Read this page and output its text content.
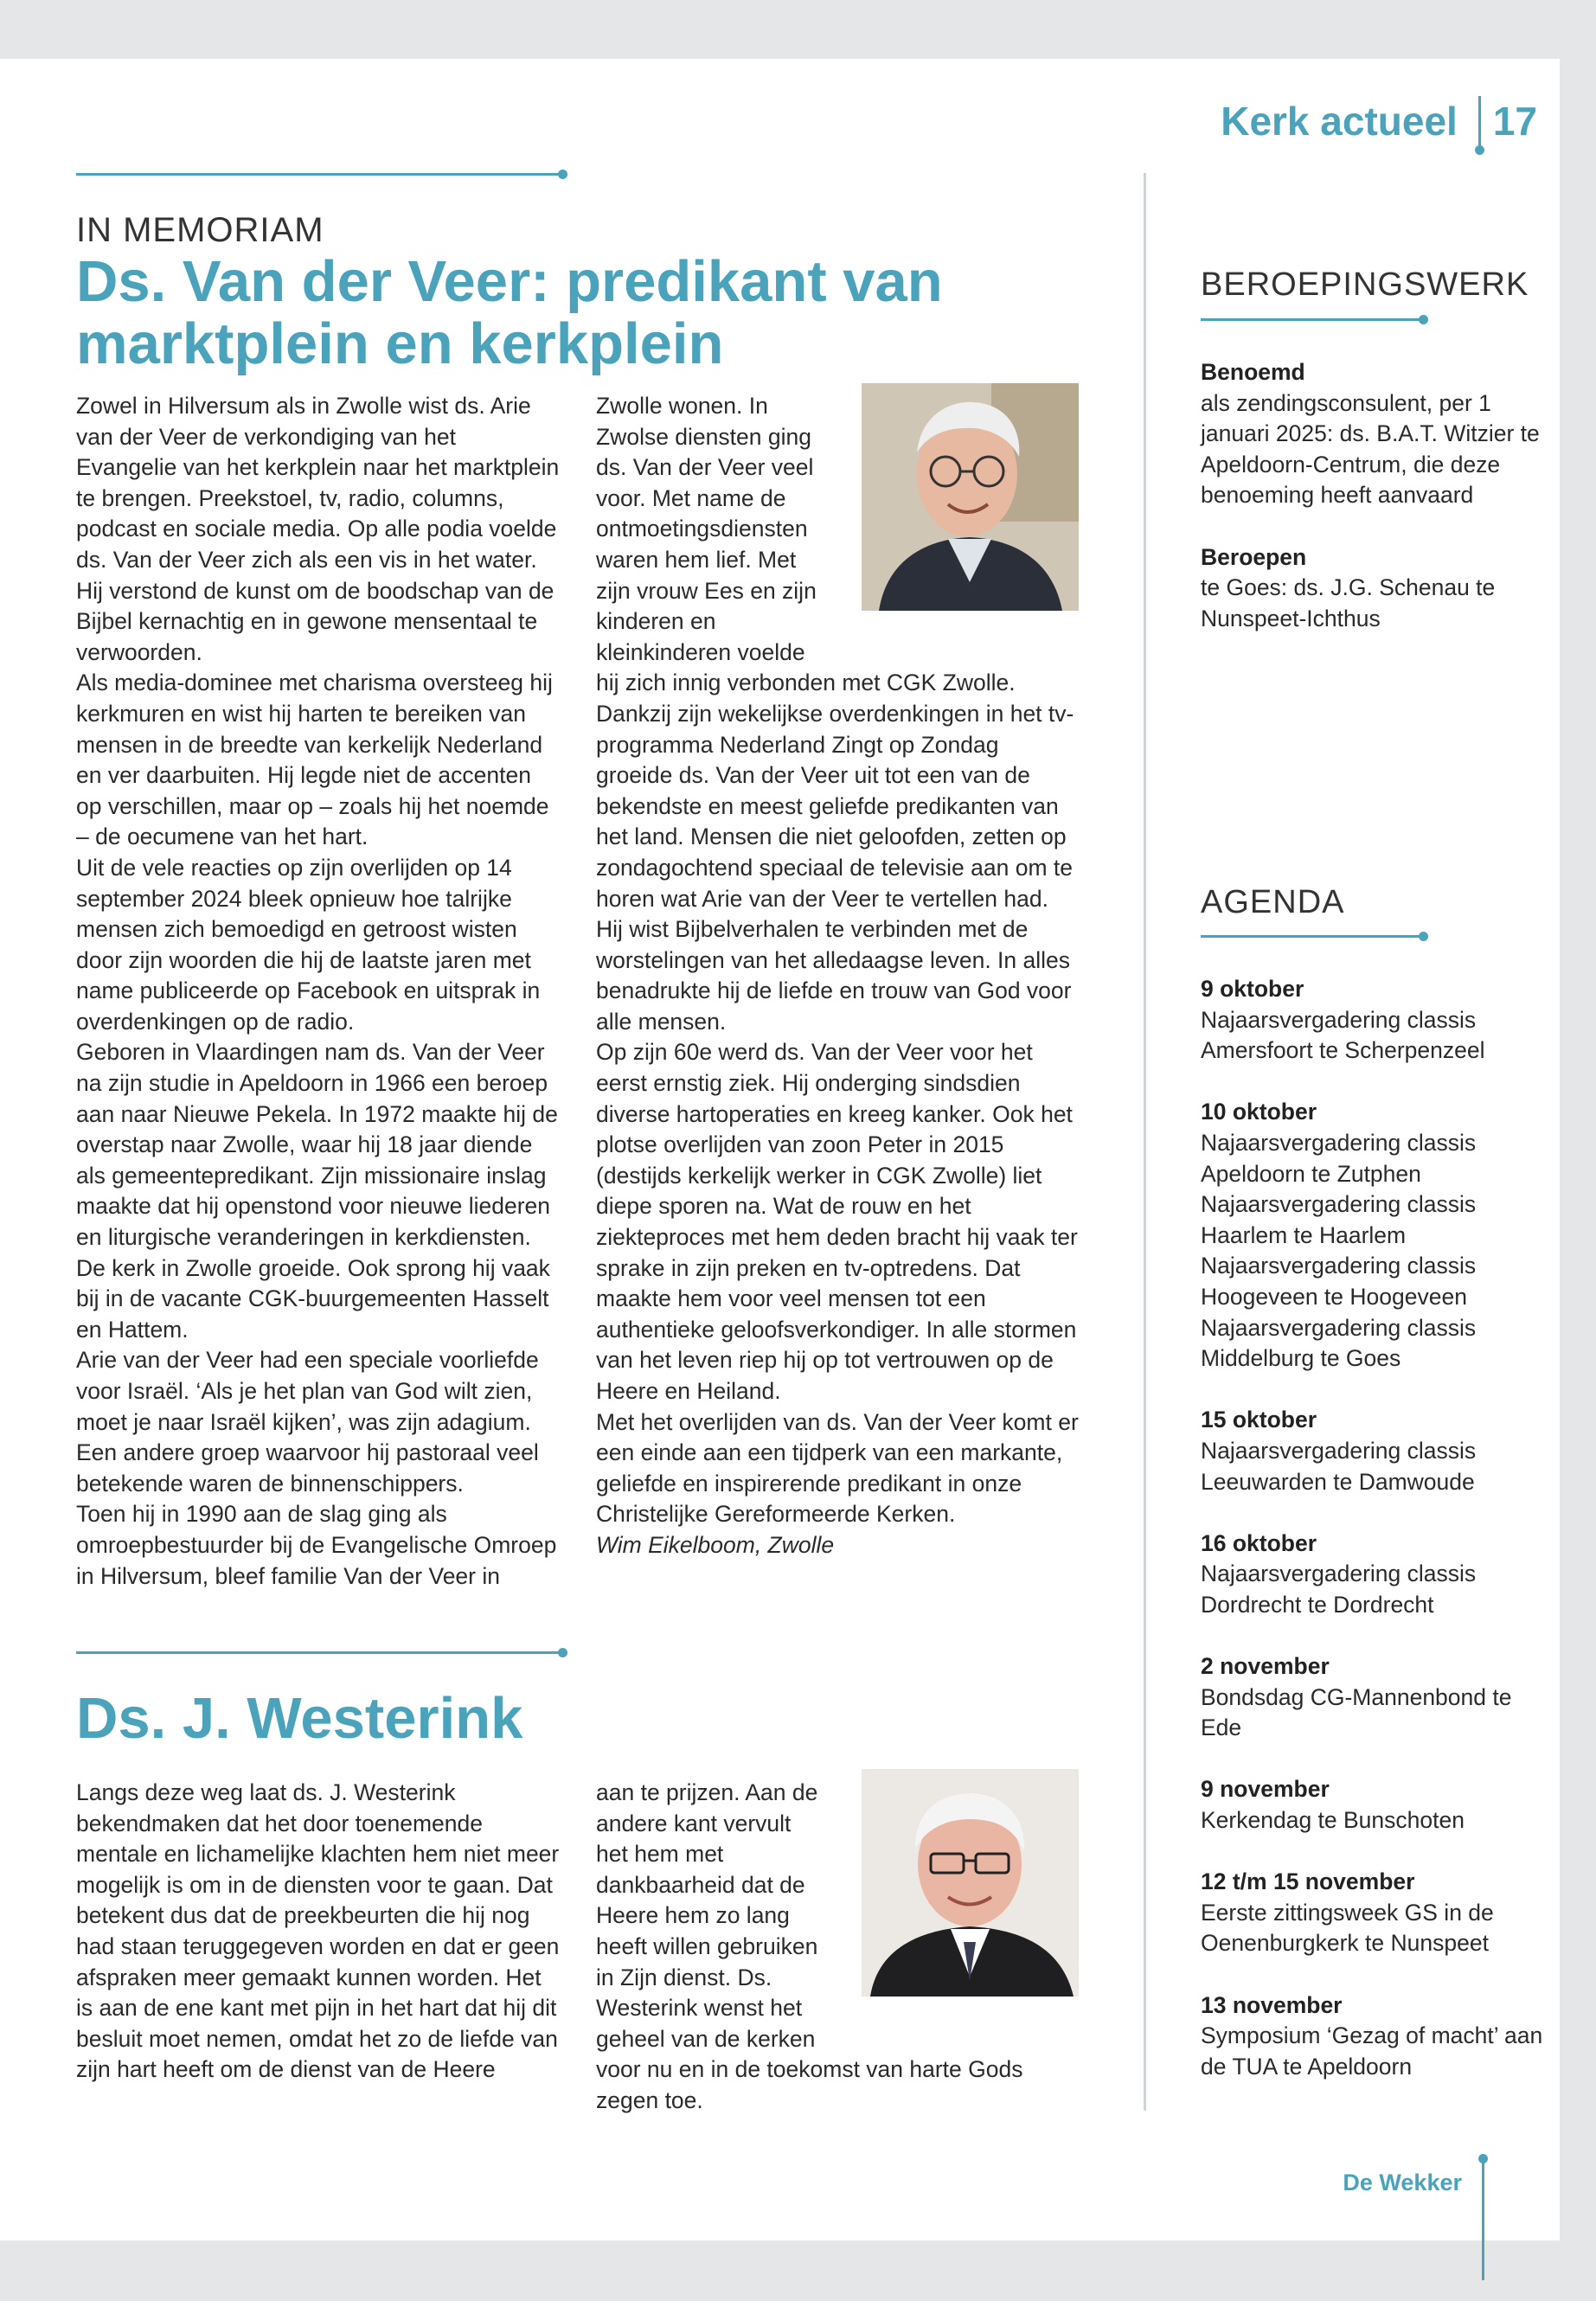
Kerk actueel 17
IN MEMORIAM
Ds. Van der Veer: predikant van marktplein en kerkplein

Zowel in Hilversum als in Zwolle wist ds. Arie van der Veer de verkondiging van het Evangelie van het kerkplein naar het marktplein te brengen. Preekstoel, tv, radio, columns, podcast en sociale media. Op alle podia voelde ds. Van der Veer zich als een vis in het water. Hij verstond de kunst om de boodschap van de Bijbel kernachtig en in gewone mensentaal te verwoorden.

Als media-dominee met charisma oversteeg hij kerkmuren en wist hij harten te bereiken van mensen in de breedte van kerkelijk Nederland en ver daarbuiten. Hij legde niet de accenten op verschillen, maar op – zoals hij het noemde – de oecumene van het hart.

Uit de vele reacties op zijn overlijden op 14 september 2024 bleek opnieuw hoe talrijke mensen zich bemoedigd en getroost wisten door zijn woorden die hij de laatste jaren met name publiceerde op Facebook en uitsprak in overdenkingen op de radio.

Geboren in Vlaardingen nam ds. Van der Veer na zijn studie in Apeldoorn in 1966 een beroep aan naar Nieuwe Pekela. In 1972 maakte hij de overstap naar Zwolle, waar hij 18 jaar diende als gemeentepredikant. Zijn missionaire inslag maakte dat hij openstond voor nieuwe liederen en liturgische veranderingen in kerkdiensten. De kerk in Zwolle groeide. Ook sprong hij vaak bij in de vacante CGK-buurgemeenten Hasselt en Hattem.

Arie van der Veer had een speciale voorliefde voor Israël. ‘Als je het plan van God wilt zien, moet je naar Israël kijken’, was zijn adagium. Een andere groep waarvoor hij pastoraal veel betekende waren de binnenschippers.

Toen hij in 1990 aan de slag ging als omroepbestuurder bij de Evangelische Omroep in Hilversum, bleef familie Van der Veer in

Zwolle wonen. In Zwolse diensten ging ds. Van der Veer veel voor. Met name de ontmoetingsdiensten waren hem lief. Met zijn vrouw Ees en zijn kinderen en kleinkinderen voelde hij zich innig verbonden met CGK Zwolle.

Dankzij zijn wekelijkse overdenkingen in het tv-programma Nederland Zingt op Zondag groeide ds. Van der Veer uit tot een van de bekendste en meest geliefde predikanten van het land. Mensen die niet geloofden, zetten op zondagochtend speciaal de televisie aan om te horen wat Arie van der Veer te vertellen had. Hij wist Bijbelverhalen te verbinden met de worstelingen van het alledaagse leven. In alles benadrukte hij de liefde en trouw van God voor alle mensen.

Op zijn 60e werd ds. Van der Veer voor het eerst ernstig ziek. Hij onderging sindsdien diverse hartoperaties en kreeg kanker. Ook het plotse overlijden van zoon Peter in 2015 (destijds kerkelijk werker in CGK Zwolle) liet diepe sporen na. Wat de rouw en het ziekteproces met hem deden bracht hij vaak ter sprake in zijn preken en tv-optredens. Dat maakte hem voor veel mensen tot een authentieke geloofsverkondiger. In alle stormen van het leven riep hij op tot vertrouwen op de Heere en Heiland.

Met het overlijden van ds. Van der Veer komt er een einde aan een tijdperk van een markante, geliefde en inspirerende predikant in onze Christelijke Gereformeerde Kerken.

Wim Eikelboom, Zwolle

Ds. J. Westerink

Langs deze weg laat ds. J. Westerink bekendmaken dat het door toenemende mentale en lichamelijke klachten hem niet meer mogelijk is om in de diensten voor te gaan. Dat betekent dus dat de preekbeurten die hij nog had staan teruggegeven worden en dat er geen afspraken meer gemaakt kunnen worden. Het is aan de ene kant met pijn in het hart dat hij dit besluit moet nemen, omdat het zo de liefde van zijn hart heeft om de dienst van de Heere

aan te prijzen. Aan de andere kant vervult het hem met dankbaarheid dat de Heere hem zo lang heeft willen gebruiken in Zijn dienst. Ds. Westerink wenst het geheel van de kerken voor nu en in de toekomst van harte Gods zegen toe.

BEROEPINGSWERK
Benoemd
als zendingsconsulent, per 1 januari 2025: ds. B.A.T. Witzier te Apeldoorn-Centrum, die deze benoeming heeft aanvaard
Beroepen
te Goes: ds. J.G. Schenau te Nunspeet-Ichthus
AGENDA
9 oktober
Najaarsvergadering classis Amersfoort te Scherpenzeel
10 oktober
Najaarsvergadering classis Apeldoorn te Zutphen Najaarsvergadering classis Haarlem te Haarlem Najaarsvergadering classis Hoogeveen te Hoogeveen Najaarsvergadering classis Middelburg te Goes
15 oktober
Najaarsvergadering classis Leeuwarden te Damwoude
16 oktober
Najaarsvergadering classis Dordrecht te Dordrecht
2 november
Bondsdag CG-Mannenbond te Ede
9 november
Kerkendag te Bunschoten
12 t/m 15 november
Eerste zittingsweek GS in de Oenenburgkerk te Nunspeet
13 november
Symposium ‘Gezag of macht’ aan de TUA te Apeldoorn
De Wekker
